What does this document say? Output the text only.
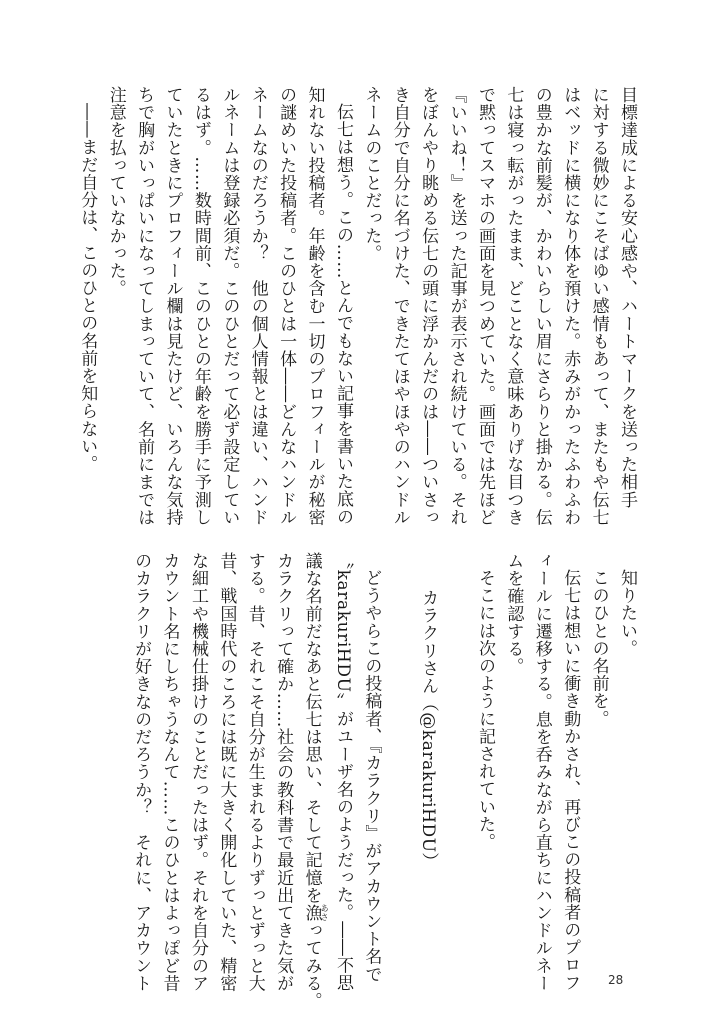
目標達成による安心感や、ハートマークを送った相手

に対する微妙にこそばゆい感情もあって、またもや伝七

はベッドに横になり体を預けた。赤みがかったふわふわ

の豊かな前髪が、かわいらしい眉にさらりと掛かる。伝

七は寝っ転がったまま、どことなく意味ありげな目つき

で黙ってスマホの画面を見つめていた。画面では先ほど

『いいね！』を送った記事が表示され続けている。それ

をぼんやり眺める伝七の頭に浮かんだのは――ついさっ

き自分で自分に名づけた、できたてほやほやのハンドル

ネームのことだった。

伝七は想う。この……とんでもない記事を書いた底の

知れない投稿者。年齢を含む一切のプロフィールが秘密

の謎めいた投稿者。このひとは一体――どんなハンドル

ネームなのだろうか？　他の個人情報とは違い、ハンド

ルネームは登録必須だ。このひとだって必ず設定してい

るはず。……数時間前、このひとの年齢を勝手に予測し

ていたときにプロフィール欄は見たけど、いろんな気持

ちで胸がいっぱいになってしまっていて、名前にまでは

注意を払っていなかった。

――まだ自分は、このひとの名前を知らない。

知りたい。

このひとの名前を。

伝七は想いに衝き動かされ、再びこの投稿者のプロフ

ィールに遷移する。息を呑みながら直ちにハンドルネー

ムを確認する。

そこには次のように記されていた。

カラクリさん（@karakuriHDU）

どうやらこの投稿者、『カラクリ』がアカウント名で

〝karakuriHDU〟がユーザ名のようだった。――不思

議な名前だなあと伝七は思い、そして記憶を漁あさってみる。

カラクリって確か……社会の教科書で最近出てきた気が

する。昔、それこそ自分が生まれるよりずっとずっと大

昔、戦国時代のころには既に大きく開化していた、精密

な細工や機械仕掛けのことだったはず。それを自分のア

カウント名にしちゃうなんて……このひとはよっぽど昔

のカラクリが好きなのだろうか？　それに、アカウント	28
